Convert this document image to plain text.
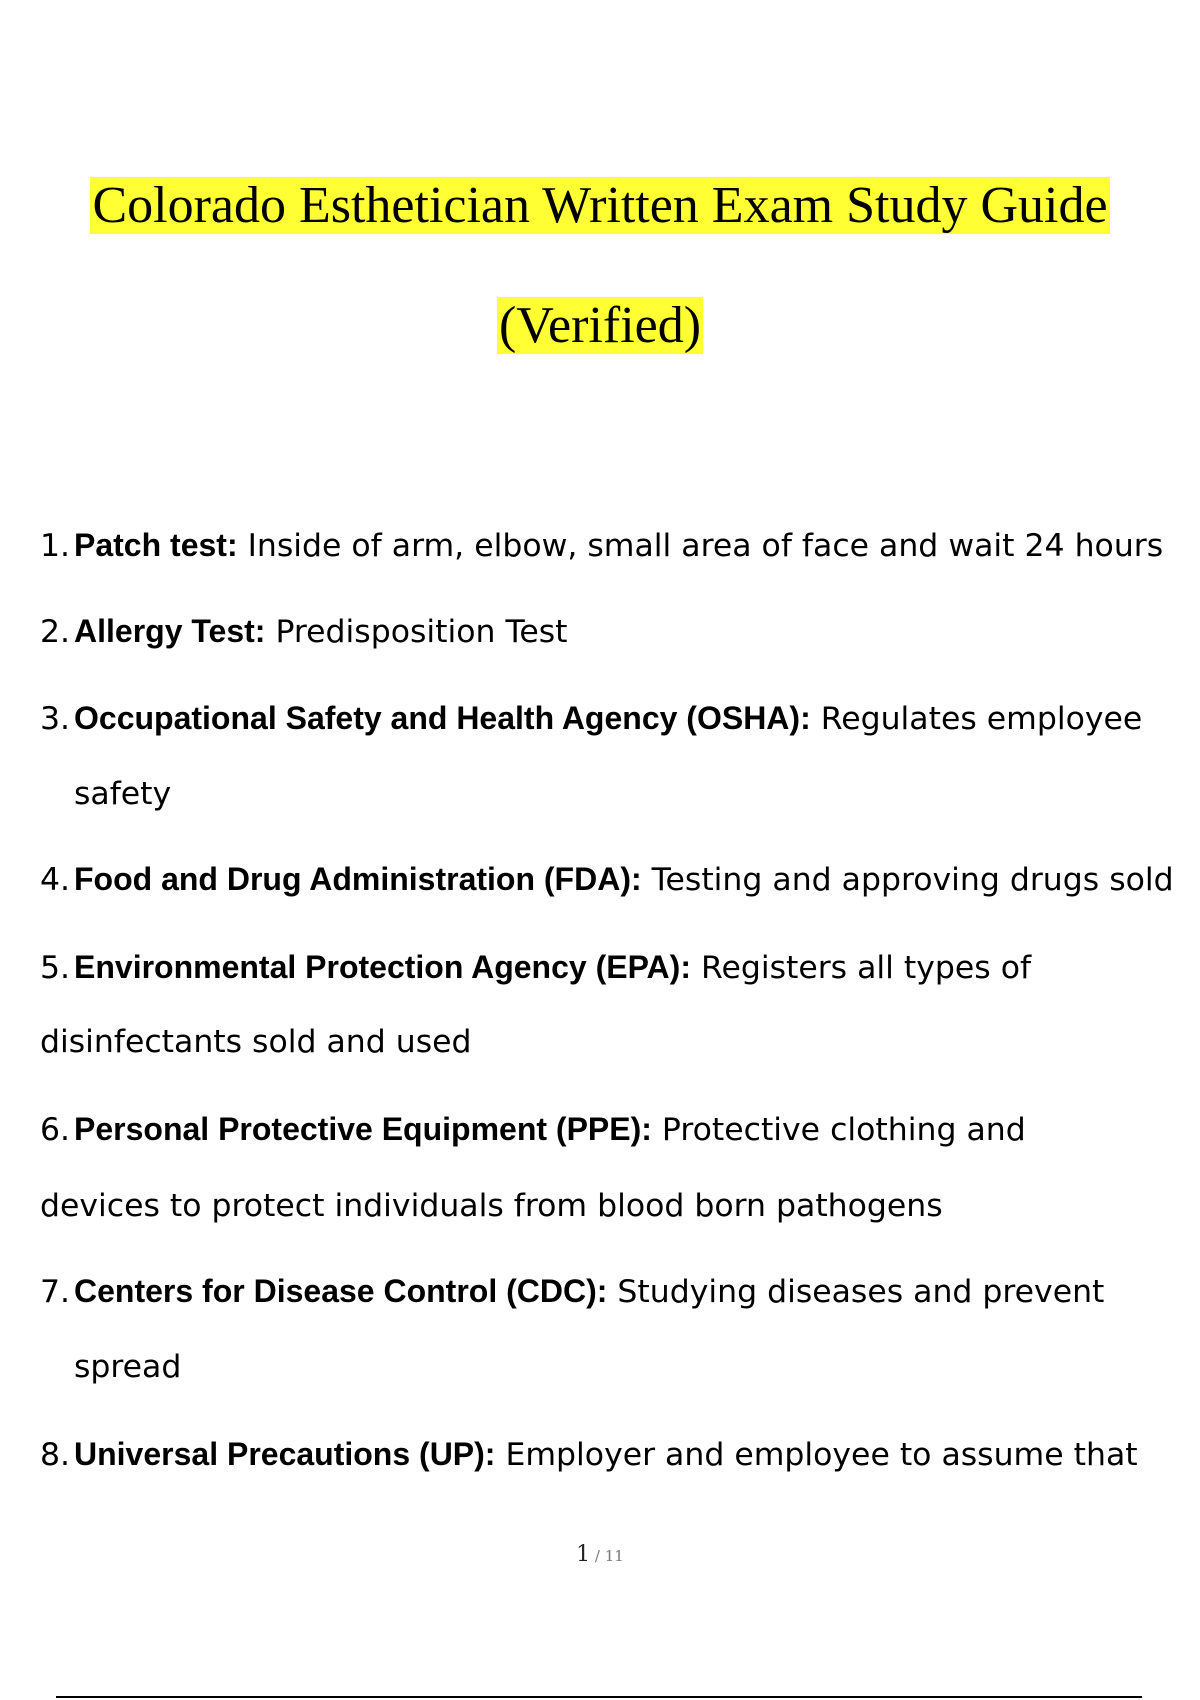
Colorado Esthetician Written Exam Study Guide
(Verified)
1. Patch test: Inside of arm, elbow, small area of face and wait 24 hours
2. Allergy Test: Predisposition Test
3. Occupational Safety and Health Agency (OSHA): Regulates employee
safety
4. Food and Drug Administration (FDA): Testing and approving drugs sold
5. Environmental Protection Agency (EPA): Registers all types of
disinfectants sold and used
6. Personal Protective Equipment (PPE): Protective clothing and
devices to protect individuals from blood born pathogens
7. Centers for Disease Control (CDC): Studying diseases and prevent
spread
8. Universal Precautions (UP): Employer and employee to assume that
1 / 11
